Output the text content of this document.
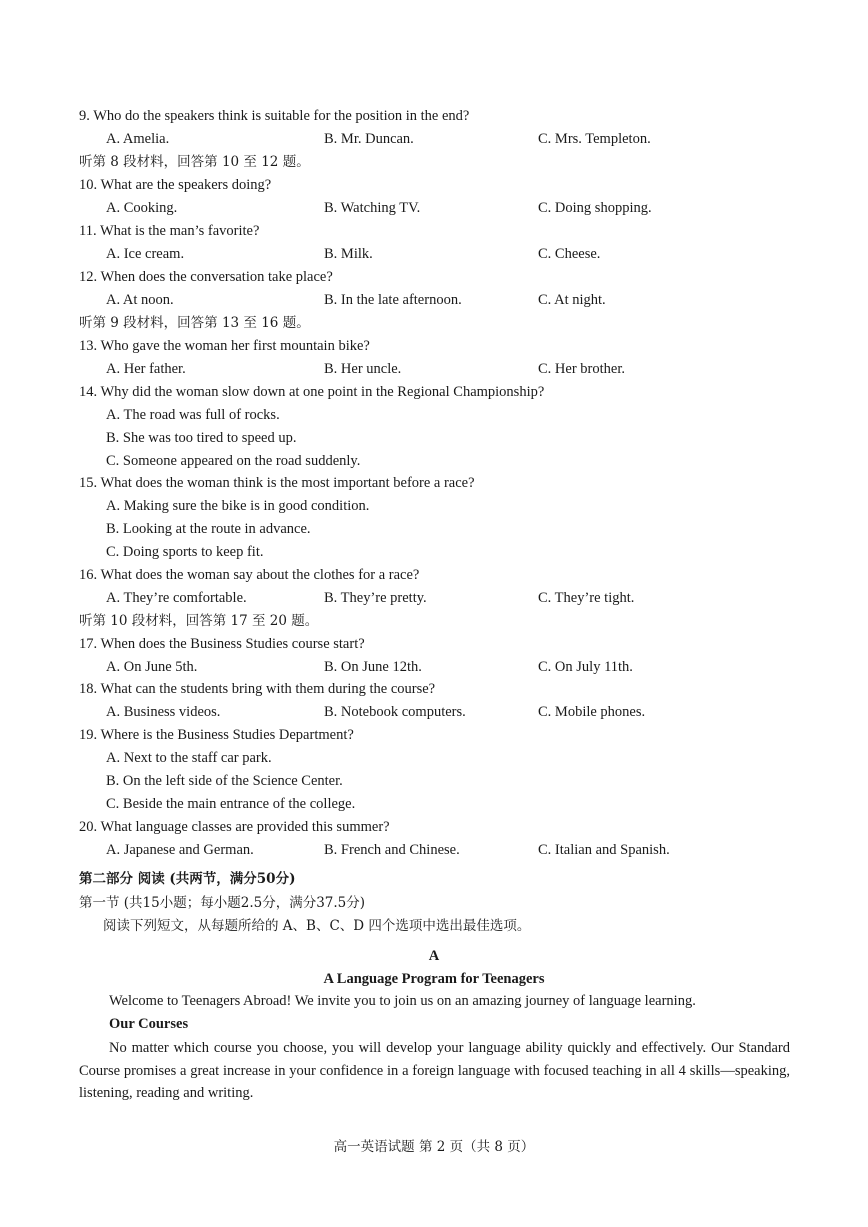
9. Who do the speakers think is suitable for the position in the end?
A. Amelia.	B. Mr. Duncan.	C. Mrs. Templeton.
听第 8 段材料，回答第 10 至 12 题。
10. What are the speakers doing?
A. Cooking.	B. Watching TV.	C. Doing shopping.
11. What is the man’s favorite?
A. Ice cream.	B. Milk.	C. Cheese.
12. When does the conversation take place?
A. At noon.	B. In the late afternoon.	C. At night.
听第 9 段材料，回答第 13 至 16 题。
13. Who gave the woman her first mountain bike?
A. Her father.	B. Her uncle.	C. Her brother.
14. Why did the woman slow down at one point in the Regional Championship?
A. The road was full of rocks.
B. She was too tired to speed up.
C. Someone appeared on the road suddenly.
15. What does the woman think is the most important before a race?
A. Making sure the bike is in good condition.
B. Looking at the route in advance.
C. Doing sports to keep fit.
16. What does the woman say about the clothes for a race?
A. They’re comfortable.	B. They’re pretty.	C. They’re tight.
听第 10 段材料，回答第 17 至 20 题。
17. When does the Business Studies course start?
A. On June 5th.	B. On June 12th.	C. On July 11th.
18. What can the students bring with them during the course?
A. Business videos.	B. Notebook computers.	C. Mobile phones.
19. Where is the Business Studies Department?
A. Next to the staff car park.
B. On the left side of the Science Center.
C. Beside the main entrance of the college.
20. What language classes are provided this summer?
A. Japanese and German.	B. French and Chinese.	C. Italian and Spanish.
第二部分 阅读 (共两节，满分50分)
第一节 (共15小题；每小题2.5分，满分37.5分)
阅读下列短文，从每题所给的 A、B、C、D 四个选项中选出最佳选项。
A
A Language Program for Teenagers
Welcome to Teenagers Abroad! We invite you to join us on an amazing journey of language learning.
Our Courses
No matter which course you choose, you will develop your language ability quickly and effectively. Our Standard Course promises a great increase in your confidence in a foreign language with focused teaching in all 4 skills—speaking, listening, reading and writing.
高一英语试题 第 2 页（共 8 页）
